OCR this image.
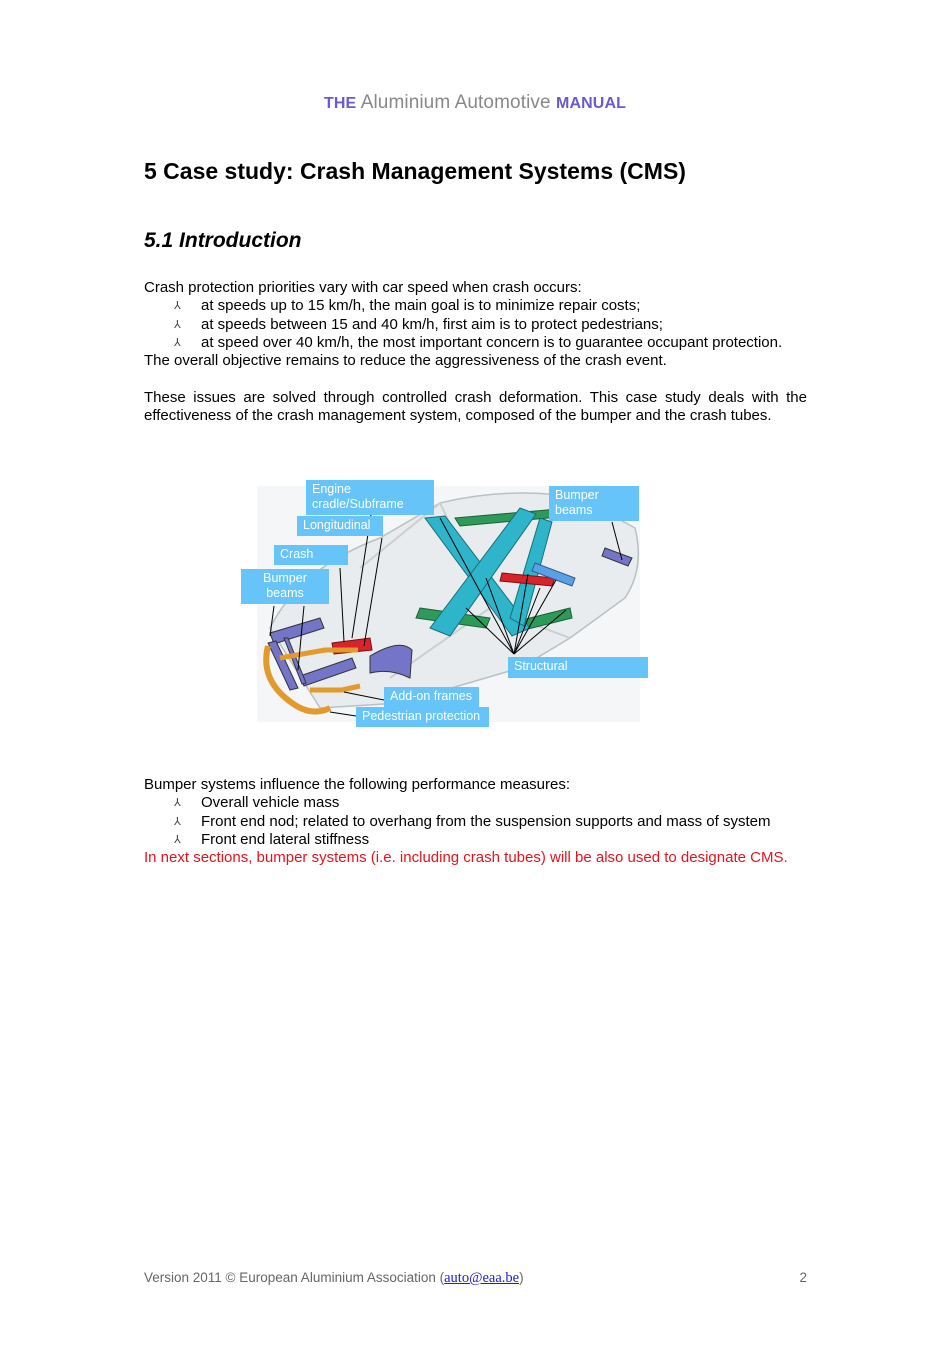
THE Aluminium Automotive MANUAL
5 Case study: Crash Management Systems (CMS)
5.1 Introduction

Crash protection priorities vary with car speed when crash occurs:

⅄ at speeds up to 15 km/h, the main goal is to minimize repair costs;
⅄ at speeds between 15 and 40 km/h, first aim is to protect pedestrians;
⅄ at speed over 40 km/h, the most important concern is to guarantee occupant protection.

The overall objective remains to reduce the aggressiveness of the crash event.

These issues are solved through controlled crash deformation. This case study deals with the effectiveness of the crash management system, composed of the bumper and the crash tubes.

Engine cradle/Subframe
Longitudinal
Crash
Bumper beams
Bumper beams
Structural
Add-on frames
Pedestrian protection

Bumper systems influence the following performance measures:

⅄ Overall vehicle mass
⅄ Front end nod; related to overhang from the suspension supports and mass of system
⅄ Front end lateral stiffness

In next sections, bumper systems (i.e. including crash tubes) will be also used to designate CMS.

Version 2011 © European Aluminium Association (auto@eaa.be)	2
